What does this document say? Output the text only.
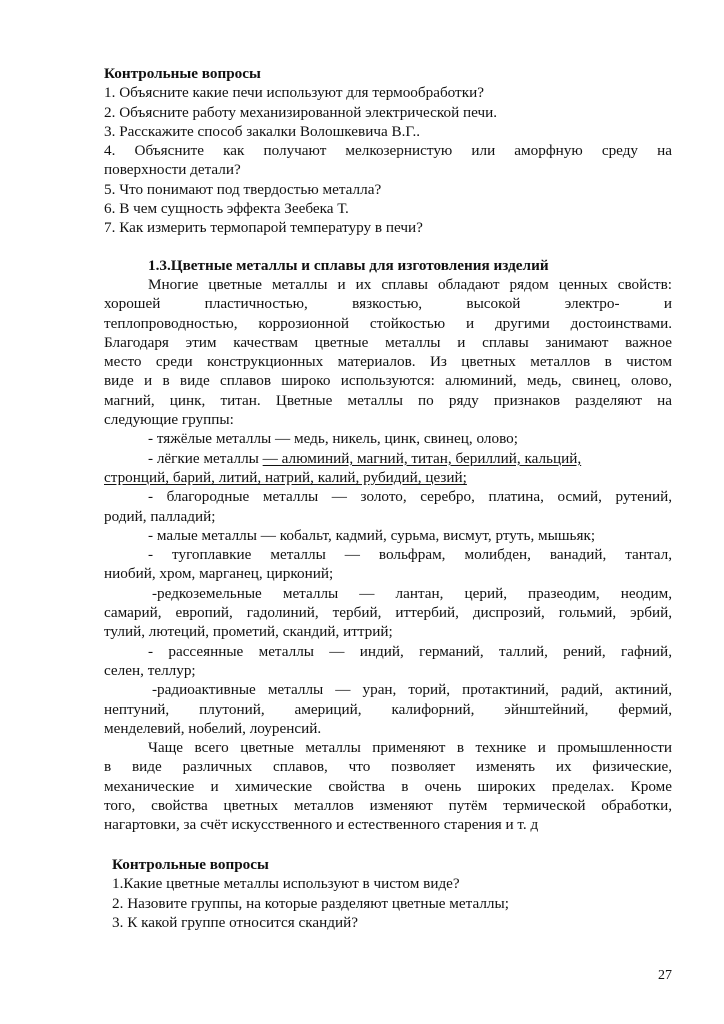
Контрольные вопросы
1. Объясните какие печи используют для термообработки?
2. Объясните работу механизированной электрической печи.
3. Расскажите способ закалки Волошкевича В.Г..
4. Объясните как получают мелкозернистую или аморфную среду на
поверхности детали?
5. Что понимают под твердостью металла?
6. В чем сущность эффекта Зеебека Т.
7. Как измерить термопарой температуру в печи?
1.3.Цветные металлы и сплавы для изготовления изделий
Многие цветные металлы и их сплавы обладают рядом ценных свойств:
хорошей пластичностью, вязкостью, высокой электро- и
теплопроводностью, коррозионной стойкостью и другими достоинствами.
Благодаря этим качествам цветные металлы и сплавы занимают важное
место среди конструкционных материалов. Из цветных металлов в чистом
виде и в виде сплавов широко используются: алюминий, медь, свинец, олово,
магний, цинк, титан. Цветные металлы по ряду признаков разделяют на
следующие группы:
- тяжёлые металлы — медь, никель, цинк, свинец, олово;
- лёгкие металлы — алюминий, магний, титан, бериллий, кальций,
стронций, барий, литий, натрий, калий, рубидий, цезий;
- благородные металлы — золото, серебро, платина, осмий, рутений,
родий, палладий;
- малые металлы — кобальт, кадмий, сурьма, висмут, ртуть, мышьяк;
- тугоплавкие металлы — вольфрам, молибден, ванадий, тантал,
ниобий, хром, марганец, цирконий;
-редкоземельные металлы — лантан, церий, празеодим, неодим,
самарий, европий, гадолиний, тербий, иттербий, диспрозий, гольмий, эрбий,
тулий, лютеций, прометий, скандий, иттрий;
- рассеянные металлы — индий, германий, таллий, рений, гафний,
селен, теллур;
-радиоактивные металлы — уран, торий, протактиний, радий, актиний,
нептуний, плутоний, америций, калифорний, эйнштейний, фермий,
менделевий, нобелий, лоуренсий.
Чаще всего цветные металлы применяют в технике и промышленности
в виде различных сплавов, что позволяет изменять их физические,
механические и химические свойства в очень широких пределах. Кроме
того, свойства цветных металлов изменяют путём термической обработки,
нагартовки, за счёт искусственного и естественного старения и т. д
Контрольные вопросы
1.Какие цветные металлы используют в чистом виде?
2. Назовите группы, на которые разделяют цветные металлы;
3. К какой группе относится скандий?
27
